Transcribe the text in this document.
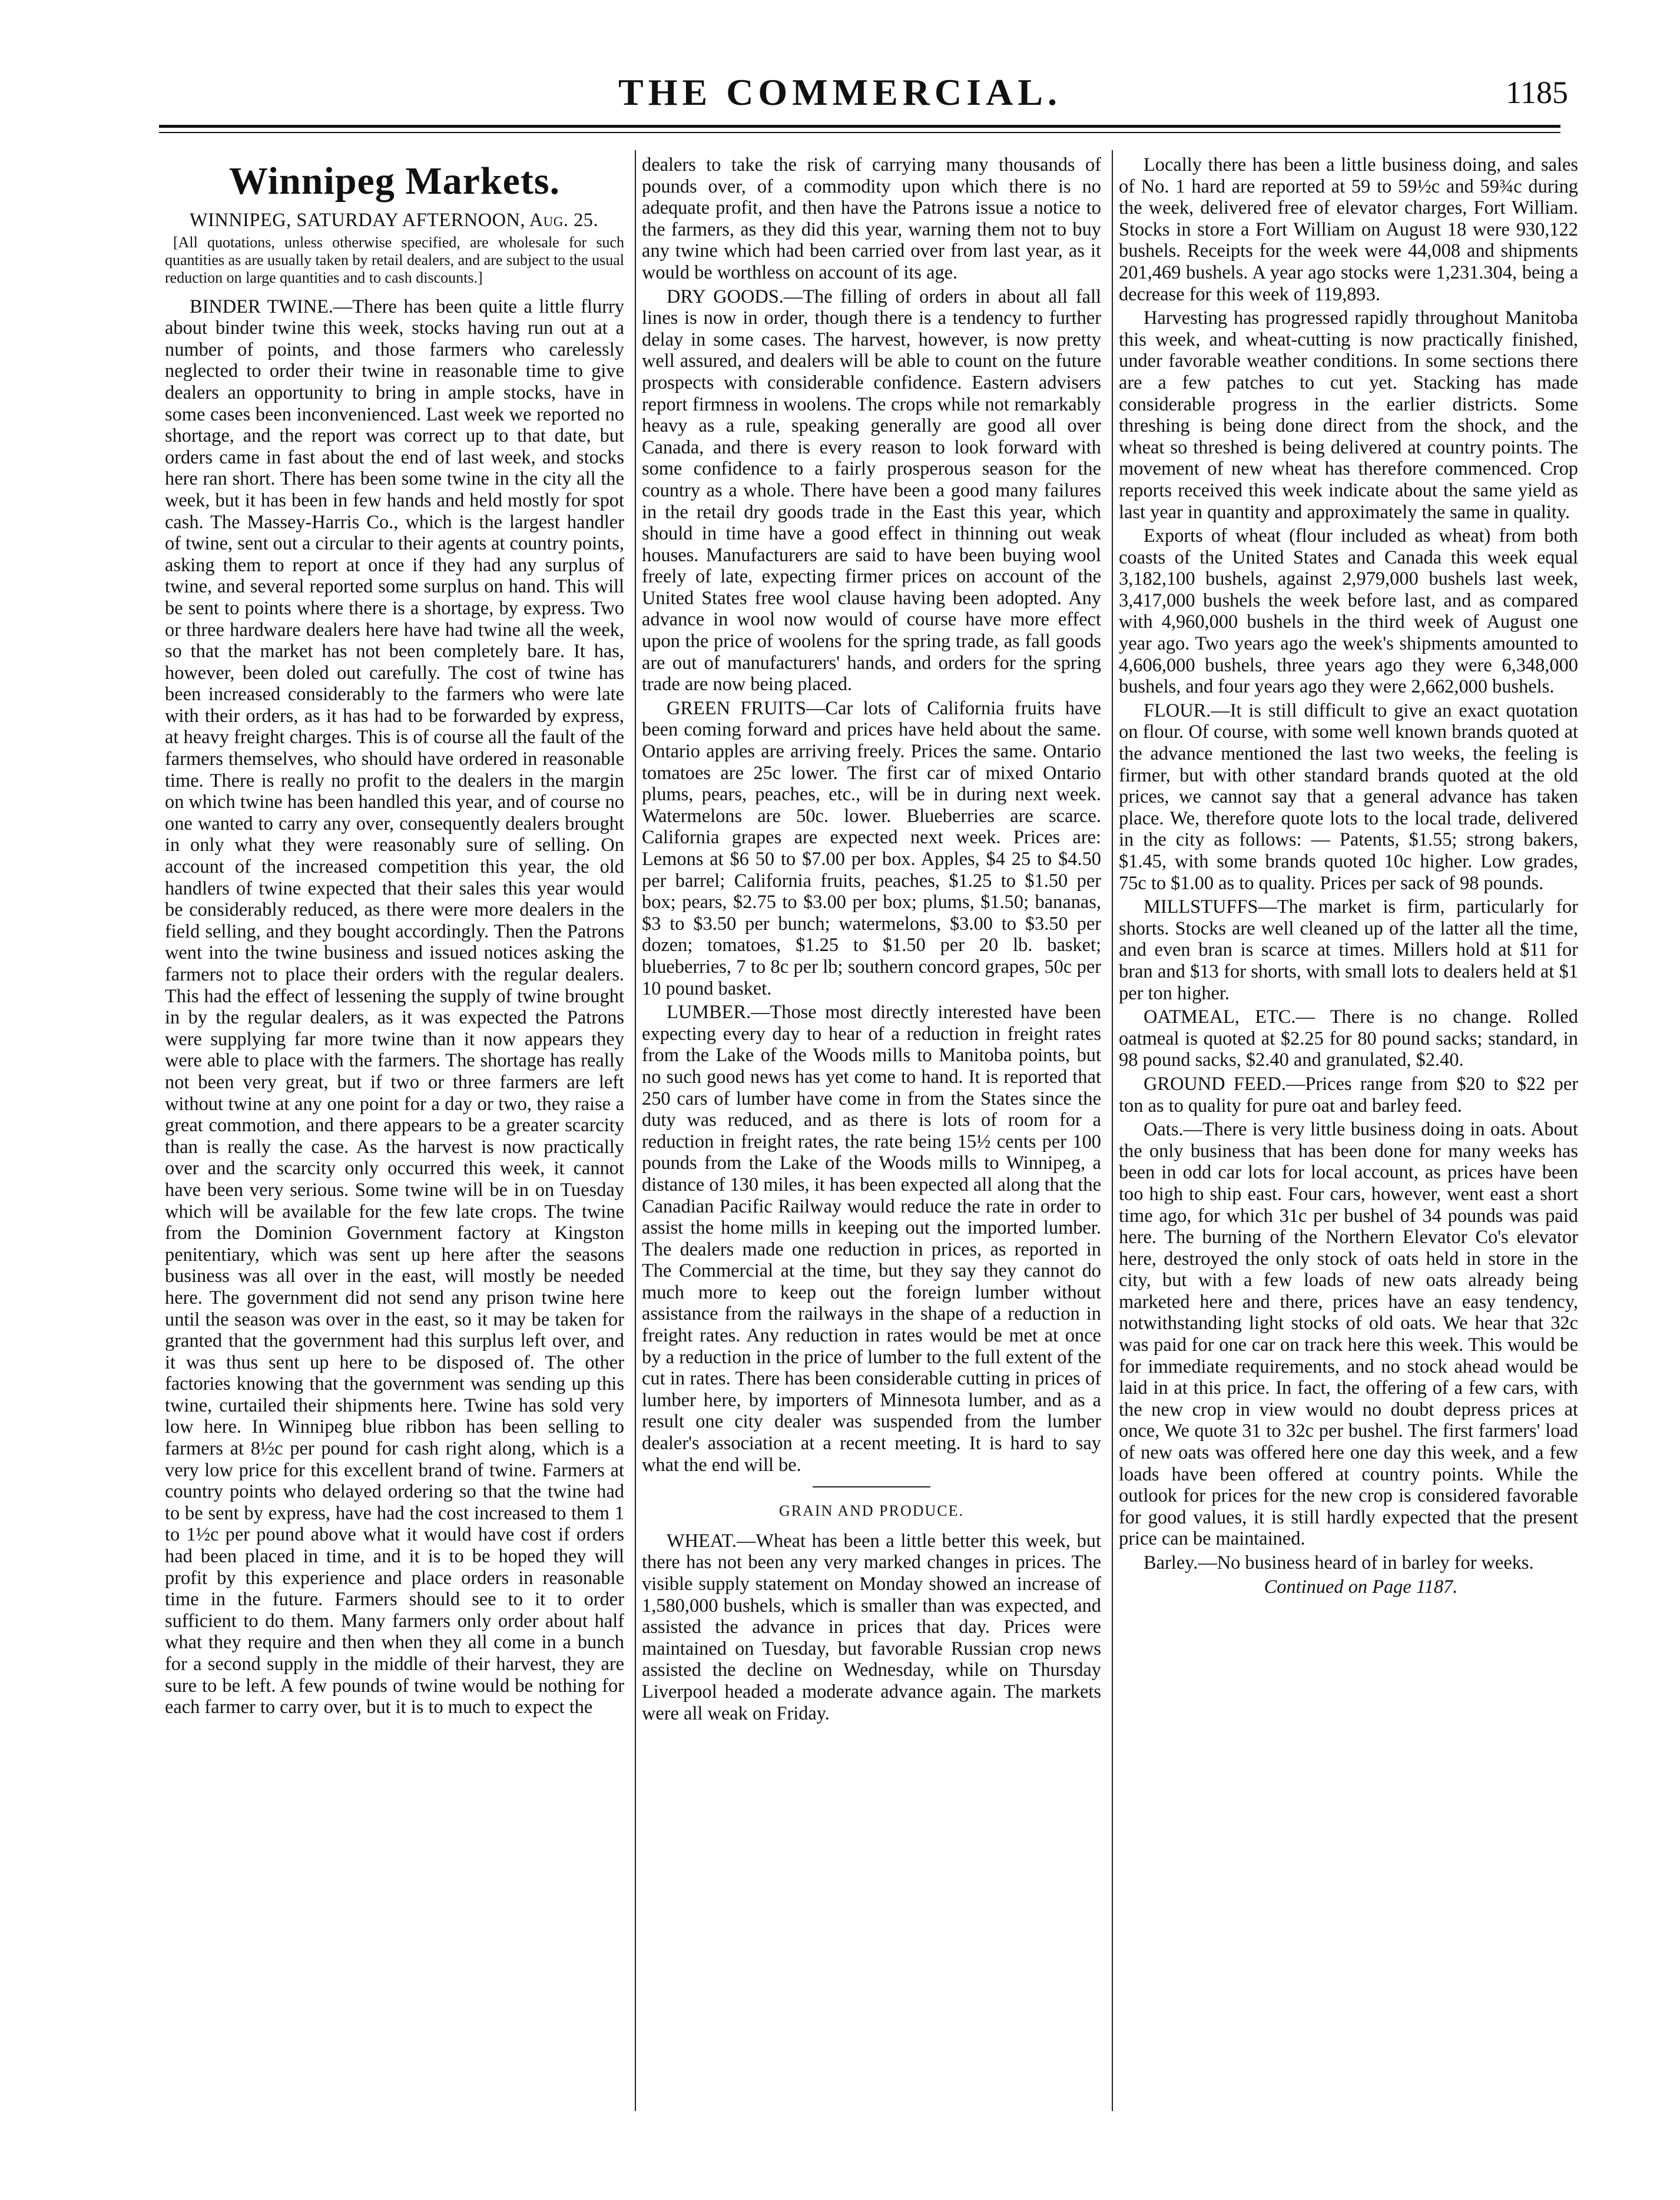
THE COMMERCIAL.	1185
Winnipeg Markets.

WINNIPEG, SATURDAY AFTERNOON, Aug. 25.

[All quotations, unless otherwise specified, are wholesale for such quantities as are usually taken by retail dealers, and are subject to the usual reduction on large quantities and to cash discounts.]

BINDER TWINE.—There has been quite a little flurry about binder twine this week, stocks having run out at a number of points, and those farmers who carelessly neglected to order their twine in reasonable time to give dealers an opportunity to bring in ample stocks, have in some cases been inconvenienced. Last week we reported no shortage, and the report was correct up to that date, but orders came in fast about the end of last week, and stocks here ran short. There has been some twine in the city all the week, but it has been in few hands and held mostly for spot cash. The Massey-Harris Co., which is the largest handler of twine, sent out a circular to their agents at country points, asking them to report at once if they had any surplus of twine, and several reported some surplus on hand. This will be sent to points where there is a shortage, by express. Two or three hardware dealers here have had twine all the week, so that the market has not been completely bare. It has, however, been doled out carefully. The cost of twine has been increased considerably to the farmers who were late with their orders, as it has had to be forwarded by express, at heavy freight charges. This is of course all the fault of the farmers themselves, who should have ordered in reasonable time. There is really no profit to the dealers in the margin on which twine has been handled this year, and of course no one wanted to carry any over, consequently dealers brought in only what they were reasonably sure of selling. On account of the increased competition this year, the old handlers of twine expected that their sales this year would be considerably reduced, as there were more dealers in the field selling, and they bought accordingly. Then the Patrons went into the twine business and issued notices asking the farmers not to place their orders with the regular dealers. This had the effect of lessening the supply of twine brought in by the regular dealers, as it was expected the Patrons were supplying far more twine than it now appears they were able to place with the farmers. The shortage has really not been very great, but if two or three farmers are left without twine at any one point for a day or two, they raise a great commotion, and there appears to be a greater scarcity than is really the case. As the harvest is now practically over and the scarcity only occurred this week, it cannot have been very serious. Some twine will be in on Tuesday which will be available for the few late crops. The twine from the Dominion Government factory at Kingston penitentiary, which was sent up here after the seasons business was all over in the east, will mostly be needed here. The government did not send any prison twine here until the season was over in the east, so it may be taken for granted that the government had this surplus left over, and it was thus sent up here to be disposed of. The other factories knowing that the government was sending up this twine, curtailed their shipments here. Twine has sold very low here. In Winnipeg blue ribbon has been selling to farmers at 8½c per pound for cash right along, which is a very low price for this excellent brand of twine. Farmers at country points who delayed ordering so that the twine had to be sent by express, have had the cost increased to them 1 to 1½c per pound above what it would have cost if orders had been placed in time, and it is to be hoped they will profit by this experience and place orders in reasonable time in the future. Farmers should see to it to order sufficient to do them. Many farmers only order about half what they require and then when they all come in a bunch for a second supply in the middle of their harvest, they are sure to be left. A few pounds of twine would be nothing for each farmer to carry over, but it is to much to expect the

dealers to take the risk of carrying many thousands of pounds over, of a commodity upon which there is no adequate profit, and then have the Patrons issue a notice to the farmers, as they did this year, warning them not to buy any twine which had been carried over from last year, as it would be worthless on account of its age.

DRY GOODS.—The filling of orders in about all fall lines is now in order, though there is a tendency to further delay in some cases. The harvest, however, is now pretty well assured, and dealers will be able to count on the future prospects with considerable confidence. Eastern advisers report firmness in woolens. The crops while not remarkably heavy as a rule, speaking generally are good all over Canada, and there is every reason to look forward with some confidence to a fairly prosperous season for the country as a whole. There have been a good many failures in the retail dry goods trade in the East this year, which should in time have a good effect in thinning out weak houses. Manufacturers are said to have been buying wool freely of late, expecting firmer prices on account of the United States free wool clause having been adopted. Any advance in wool now would of course have more effect upon the price of woolens for the spring trade, as fall goods are out of manufacturers' hands, and orders for the spring trade are now being placed.

GREEN FRUITS—Car lots of California fruits have been coming forward and prices have held about the same. Ontario apples are arriving freely. Prices the same. Ontario tomatoes are 25c lower. The first car of mixed Ontario plums, pears, peaches, etc., will be in during next week. Watermelons are 50c. lower. Blueberries are scarce. California grapes are expected next week. Prices are: Lemons at $6 50 to $7.00 per box. Apples, $4 25 to $4.50 per barrel; California fruits, peaches, $1.25 to $1.50 per box; pears, $2.75 to $3.00 per box; plums, $1.50; bananas, $3 to $3.50 per bunch; watermelons, $3.00 to $3.50 per dozen; tomatoes, $1.25 to $1.50 per 20 lb. basket; blueberries, 7 to 8c per lb; southern concord grapes, 50c per 10 pound basket.

LUMBER.—Those most directly interested have been expecting every day to hear of a reduction in freight rates from the Lake of the Woods mills to Manitoba points, but no such good news has yet come to hand. It is reported that 250 cars of lumber have come in from the States since the duty was reduced, and as there is lots of room for a reduction in freight rates, the rate being 15½ cents per 100 pounds from the Lake of the Woods mills to Winnipeg, a distance of 130 miles, it has been expected all along that the Canadian Pacific Railway would reduce the rate in order to assist the home mills in keeping out the imported lumber. The dealers made one reduction in prices, as reported in The Commercial at the time, but they say they cannot do much more to keep out the foreign lumber without assistance from the railways in the shape of a reduction in freight rates. Any reduction in rates would be met at once by a reduction in the price of lumber to the full extent of the cut in rates. There has been considerable cutting in prices of lumber here, by importers of Minnesota lumber, and as a result one city dealer was suspended from the lumber dealer's association at a recent meeting. It is hard to say what the end will be.

GRAIN AND PRODUCE.

WHEAT.—Wheat has been a little better this week, but there has not been any very marked changes in prices. The visible supply statement on Monday showed an increase of 1,580,000 bushels, which is smaller than was expected, and assisted the advance in prices that day. Prices were maintained on Tuesday, but favorable Russian crop news assisted the decline on Wednesday, while on Thursday Liverpool headed a moderate advance again. The markets were all weak on Friday.

Locally there has been a little business doing, and sales of No. 1 hard are reported at 59 to 59½c and 59¾c during the week, delivered free of elevator charges, Fort William. Stocks in store a Fort William on August 18 were 930,122 bushels. Receipts for the week were 44,008 and shipments 201,469 bushels. A year ago stocks were 1,231.304, being a decrease for this week of 119,893.

Harvesting has progressed rapidly throughout Manitoba this week, and wheat-cutting is now practically finished, under favorable weather conditions. In some sections there are a few patches to cut yet. Stacking has made considerable progress in the earlier districts. Some threshing is being done direct from the shock, and the wheat so threshed is being delivered at country points. The movement of new wheat has therefore commenced. Crop reports received this week indicate about the same yield as last year in quantity and approximately the same in quality.

Exports of wheat (flour included as wheat) from both coasts of the United States and Canada this week equal 3,182,100 bushels, against 2,979,000 bushels last week, 3,417,000 bushels the week before last, and as compared with 4,960,000 bushels in the third week of August one year ago. Two years ago the week's shipments amounted to 4,606,000 bushels, three years ago they were 6,348,000 bushels, and four years ago they were 2,662,000 bushels.

FLOUR.—It is still difficult to give an exact quotation on flour. Of course, with some well known brands quoted at the advance mentioned the last two weeks, the feeling is firmer, but with other standard brands quoted at the old prices, we cannot say that a general advance has taken place. We, therefore quote lots to the local trade, delivered in the city as follows: — Patents, $1.55; strong bakers, $1.45, with some brands quoted 10c higher. Low grades, 75c to $1.00 as to quality. Prices per sack of 98 pounds.

MILLSTUFFS—The market is firm, particularly for shorts. Stocks are well cleaned up of the latter all the time, and even bran is scarce at times. Millers hold at $11 for bran and $13 for shorts, with small lots to dealers held at $1 per ton higher.

OATMEAL, ETC.— There is no change. Rolled oatmeal is quoted at $2.25 for 80 pound sacks; standard, in 98 pound sacks, $2.40 and granulated, $2.40.

GROUND FEED.—Prices range from $20 to $22 per ton as to quality for pure oat and barley feed.

Oats.—There is very little business doing in oats. About the only business that has been done for many weeks has been in odd car lots for local account, as prices have been too high to ship east. Four cars, however, went east a short time ago, for which 31c per bushel of 34 pounds was paid here. The burning of the Northern Elevator Co's elevator here, destroyed the only stock of oats held in store in the city, but with a few loads of new oats already being marketed here and there, prices have an easy tendency, notwithstanding light stocks of old oats. We hear that 32c was paid for one car on track here this week. This would be for immediate requirements, and no stock ahead would be laid in at this price. In fact, the offering of a few cars, with the new crop in view would no doubt depress prices at once, We quote 31 to 32c per bushel. The first farmers' load of new oats was offered here one day this week, and a few loads have been offered at country points. While the outlook for prices for the new crop is considered favorable for good values, it is still hardly expected that the present price can be maintained.

Barley.—No business heard of in barley for weeks.

Continued on Page 1187.
